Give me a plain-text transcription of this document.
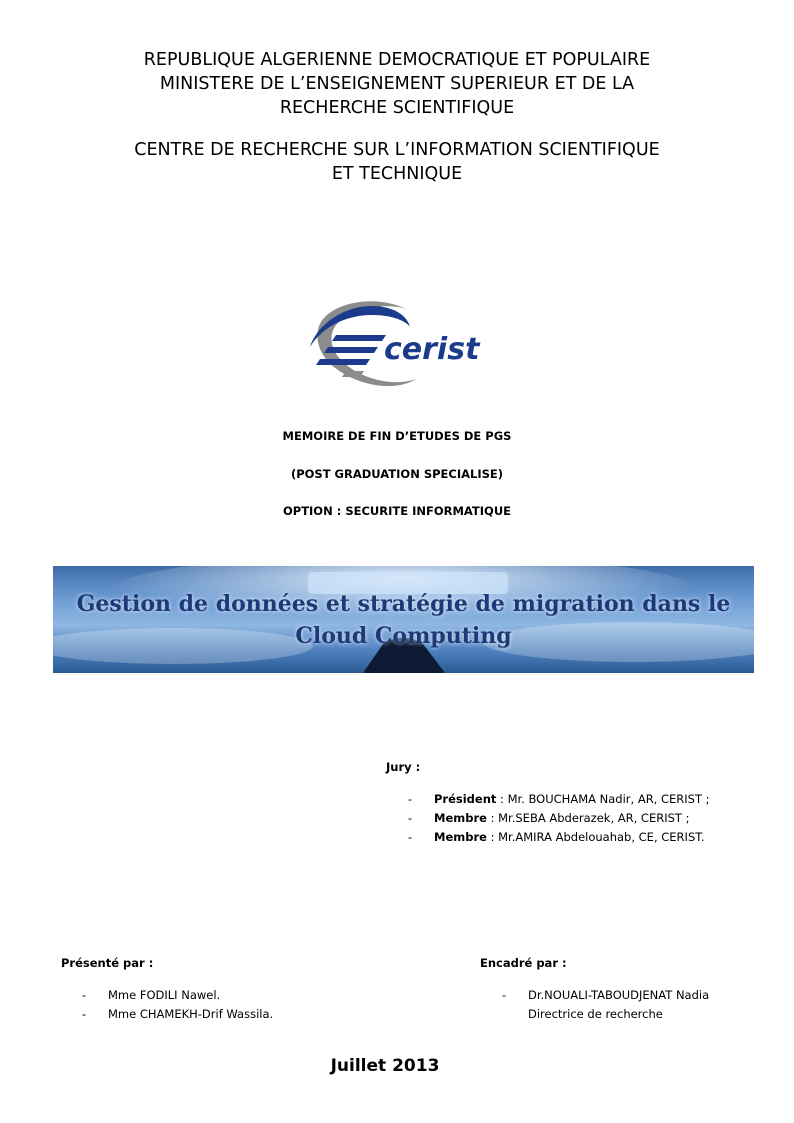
REPUBLIQUE ALGERIENNE DEMOCRATIQUE ET POPULAIRE
MINISTERE DE L’ENSEIGNEMENT SUPERIEUR ET DE LA
RECHERCHE SCIENTIFIQUE
CENTRE DE RECHERCHE SUR L’INFORMATION SCIENTIFIQUE
ET TECHNIQUE
cerist
MEMOIRE DE FIN D’ETUDES DE PGS
(POST GRADUATION SPECIALISE)
OPTION : SECURITE INFORMATIQUE
Gestion de données et stratégie de migration dans le
Cloud Computing
Jury :
- Président : Mr. BOUCHAMA Nadir, AR, CERIST ;
- Membre : Mr.SEBA Abderazek, AR, CERIST ;
- Membre : Mr.AMIRA Abdelouahab, CE, CERIST.
Présenté par :
- Mme FODILI Nawel.
- Mme CHAMEKH-Drif Wassila.
Encadré par :
- Dr.NOUALI-TABOUDJENAT Nadia
Directrice de recherche
Juillet 2013
